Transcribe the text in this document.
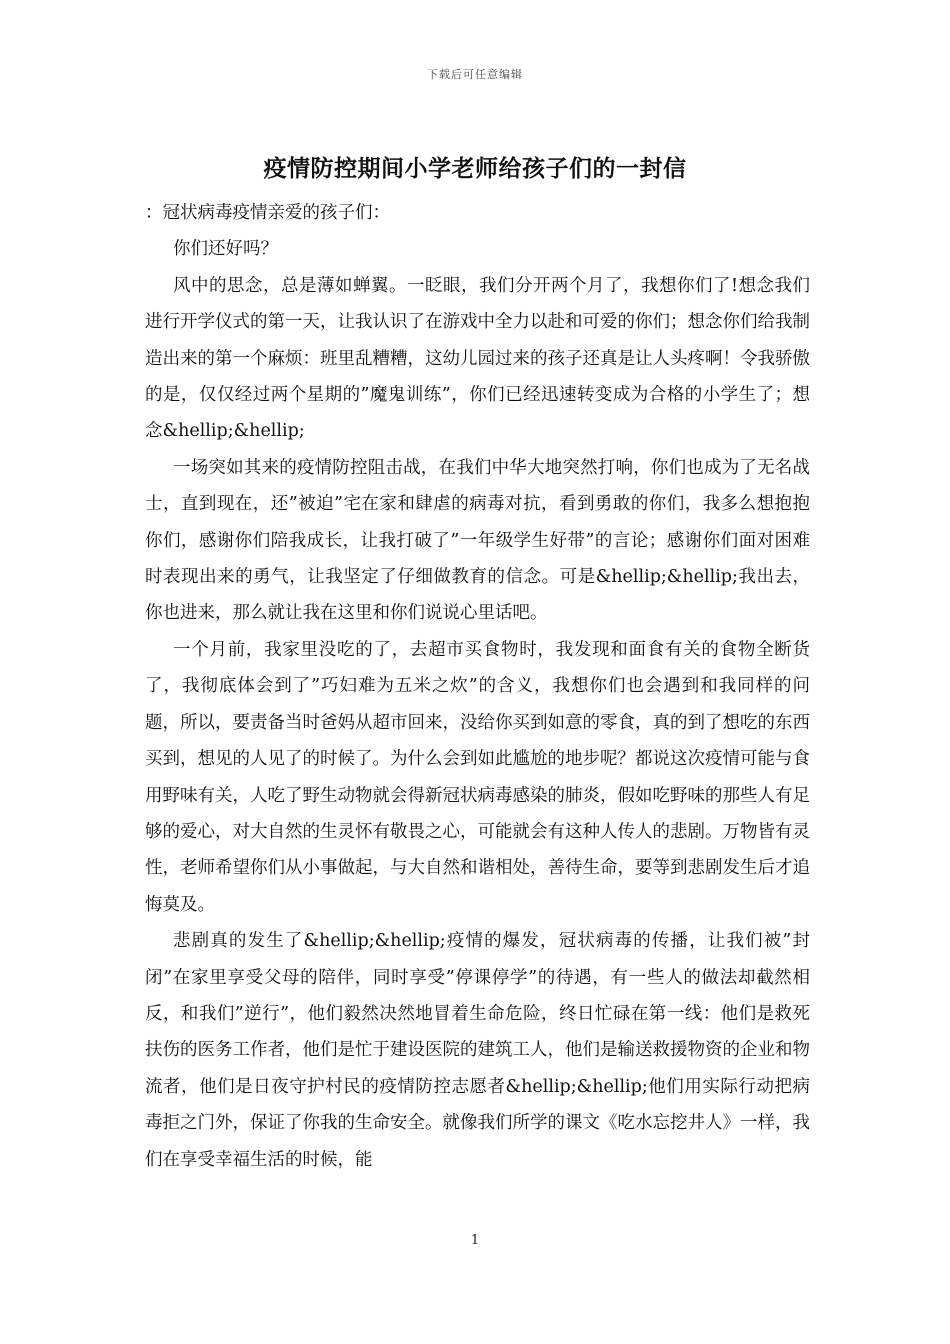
下载后可任意编辑
疫情防控期间小学老师给孩子们的一封信

：冠状病毒疫情亲爱的孩子们：

你们还好吗？

风中的思念，总是薄如蝉翼。一眨眼，我们分开两个月了，我想你们了!想念我们进行开学仪式的第一天，让我认识了在游戏中全力以赴和可爱的你们；想念你们给我制造出来的第一个麻烦：班里乱糟糟，这幼儿园过来的孩子还真是让人头疼啊！令我骄傲的是，仅仅经过两个星期的”魔鬼训练”，你们已经迅速转变成为合格的小学生了；想念&hellip;&hellip;

一场突如其来的疫情防控阻击战，在我们中华大地突然打响，你们也成为了无名战士，直到现在，还”被迫”宅在家和肆虐的病毒对抗，看到勇敢的你们，我多么想抱抱你们，感谢你们陪我成长，让我打破了”一年级学生好带”的言论；感谢你们面对困难时表现出来的勇气，让我坚定了仔细做教育的信念。可是&hellip;&hellip;我出去，你也进来，那么就让我在这里和你们说说心里话吧。

一个月前，我家里没吃的了，去超市买食物时，我发现和面食有关的食物全断货了，我彻底体会到了”巧妇难为五米之炊”的含义，我想你们也会遇到和我同样的问题，所以，要责备当时爸妈从超市回来，没给你买到如意的零食，真的到了想吃的东西买到，想见的人见了的时候了。为什么会到如此尴尬的地步呢？都说这次疫情可能与食用野味有关，人吃了野生动物就会得新冠状病毒感染的肺炎，假如吃野味的那些人有足够的爱心，对大自然的生灵怀有敬畏之心，可能就会有这种人传人的悲剧。万物皆有灵性，老师希望你们从小事做起，与大自然和谐相处，善待生命，要等到悲剧发生后才追悔莫及。

悲剧真的发生了&hellip;&hellip;疫情的爆发，冠状病毒的传播，让我们被”封闭”在家里享受父母的陪伴，同时享受”停课停学”的待遇，有一些人的做法却截然相反，和我们”逆行”，他们毅然决然地冒着生命危险，终日忙碌在第一线：他们是救死扶伤的医务工作者，他们是忙于建设医院的建筑工人，他们是输送救援物资的企业和物流者，他们是日夜守护村民的疫情防控志愿者&hellip;&hellip;他们用实际行动把病毒拒之门外，保证了你我的生命安全。就像我们所学的课文《吃水忘挖井人》一样，我们在享受幸福生活的时候，能

1
